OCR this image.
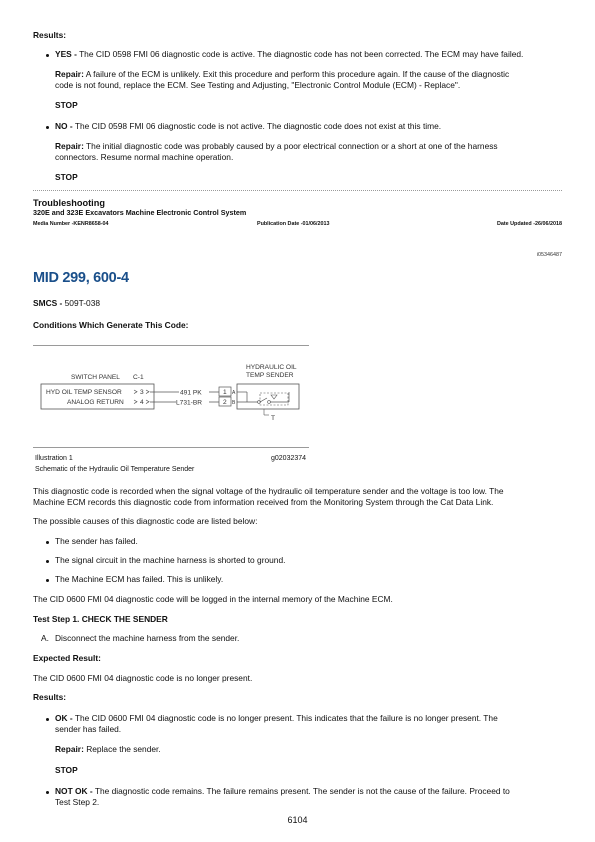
Results:
YES - The CID 0598 FMI 06 diagnostic code is active. The diagnostic code has not been corrected. The ECM may have failed.
Repair: A failure of the ECM is unlikely. Exit this procedure and perform this procedure again. If the cause of the diagnostic
code is not found, replace the ECM. See Testing and Adjusting, "Electronic Control Module (ECM) - Replace".
STOP
NO - The CID 0598 FMI 06 diagnostic code is not active. The diagnostic code does not exist at this time.
Repair: The initial diagnostic code was probably caused by a poor electrical connection or a short at one of the harness
connectors. Resume normal machine operation.
STOP
Troubleshooting
320E and 323E Excavators Machine Electronic Control System
Media Number -KENR8658-04	Publication Date -01/06/2013	Date Updated -26/06/2018
i05346487
MID 299, 600-4
SMCS - 509T-038
Conditions Which Generate This Code:
SWITCH PANEL C-1
HYDRAULIC OIL
TEMP SENDER
HYD OIL TEMP SENSOR
ANALOG RETURN
3
4
491 PK
L731-BR
1
2
A
B
T
Illustration 1	g02032374
Schematic of the Hydraulic Oil Temperature Sender
This diagnostic code is recorded when the signal voltage of the hydraulic oil temperature sender and the voltage is too low. The
Machine ECM records this diagnostic code from information received from the Monitoring System through the Cat Data Link.
The possible causes of this diagnostic code are listed below:
The sender has failed.
The signal circuit in the machine harness is shorted to ground.
The Machine ECM has failed. This is unlikely.
The CID 0600 FMI 04 diagnostic code will be logged in the internal memory of the Machine ECM.
Test Step 1. CHECK THE SENDER
A. Disconnect the machine harness from the sender.
Expected Result:
The CID 0600 FMI 04 diagnostic code is no longer present.
Results:
OK - The CID 0600 FMI 04 diagnostic code is no longer present. This indicates that the failure is no longer present. The
sender has failed.
Repair: Replace the sender.
STOP
NOT OK - The diagnostic code remains. The failure remains present. The sender is not the cause of the failure. Proceed to
Test Step 2.
6104
